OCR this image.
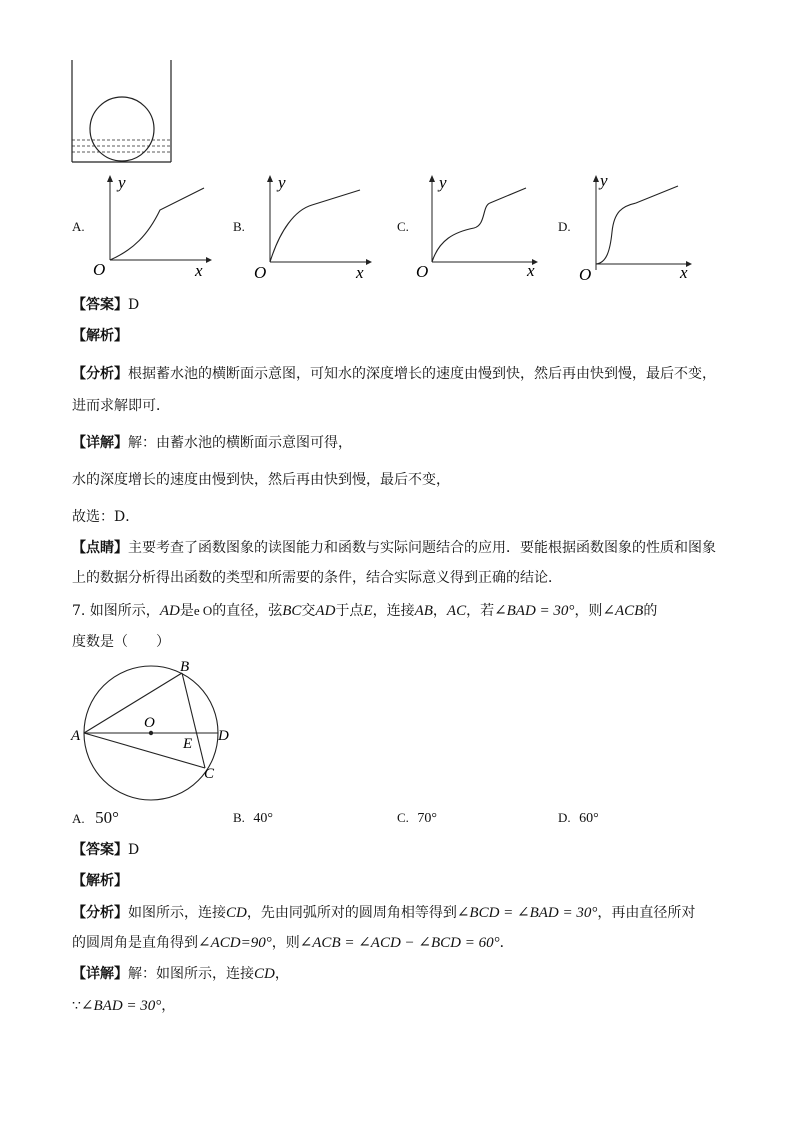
A.
y
O	x
B.
y
O	x
C.
y
O	x
D.
y
O	x
【答案】D
【解析】
【分析】根据蓄水池的横断面示意图，可知水的深度增长的速度由慢到快，然后再由快到慢，最后不变，
进而求解即可．
【详解】解：由蓄水池的横断面示意图可得，
水的深度增长的速度由慢到快，然后再由快到慢，最后不变，
故选：D．
【点睛】主要考查了函数图象的读图能力和函数与实际问题结合的应用．要能根据函数图象的性质和图象
上的数据分析得出函数的类型和所需要的条件，结合实际意义得到正确的结论．
7. 如图所示，AD是e O的直径，弦BC交AD于点E，连接AB，AC，若∠BAD = 30°，则∠ACB的
度数是（　　）
A
B
O
D
E
C
A. 50°	B. 40°	C. 70°	D. 60°
【答案】D
【解析】
【分析】如图所示，连接CD，先由同弧所对的圆周角相等得到∠BCD = ∠BAD = 30°，再由直径所对
的圆周角是直角得到∠ACD=90°，则∠ACB = ∠ACD − ∠BCD = 60°．
【详解】解：如图所示，连接CD，
∵∠BAD = 30°，
